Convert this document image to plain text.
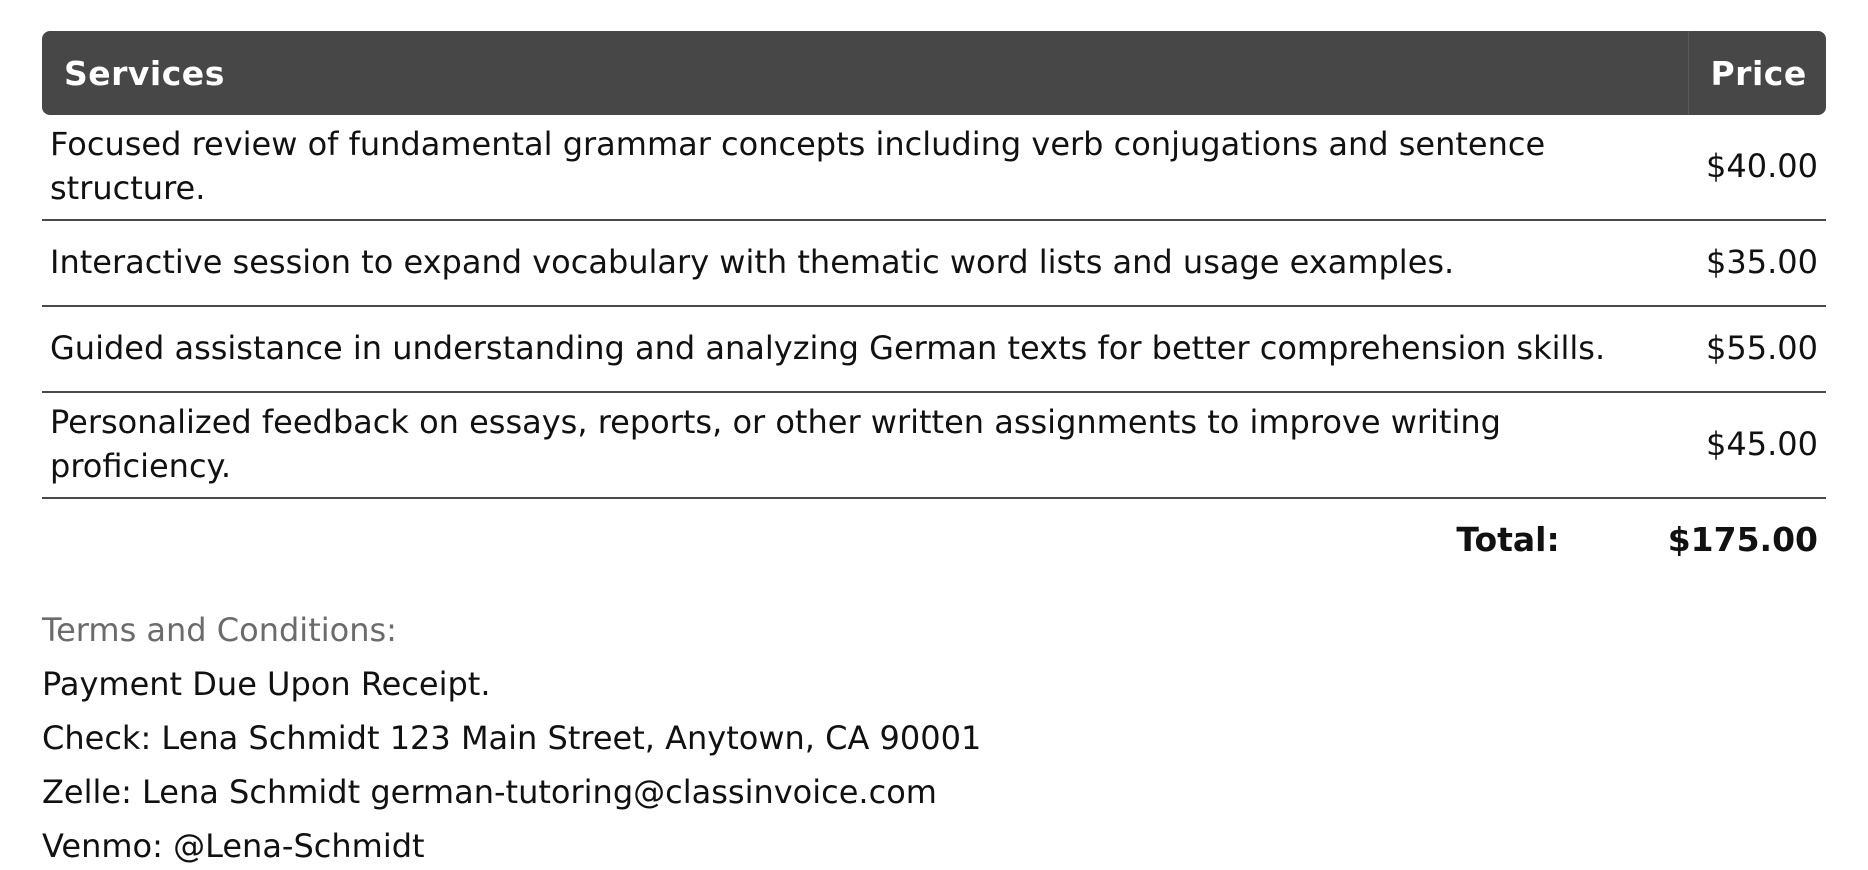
Services	Price
Focused review of fundamental grammar concepts including verb conjugations and sentence structure.	$40.00
Interactive session to expand vocabulary with thematic word lists and usage examples.	$35.00
Guided assistance in understanding and analyzing German texts for better comprehension skills.	$55.00
Personalized feedback on essays, reports, or other written assignments to improve writing proficiency.	$45.00
Total:	$175.00
Terms and Conditions:
Payment Due Upon Receipt.
Check: Lena Schmidt 123 Main Street, Anytown, CA 90001
Zelle: Lena Schmidt german-tutoring@classinvoice.com
Venmo: @Lena-Schmidt
